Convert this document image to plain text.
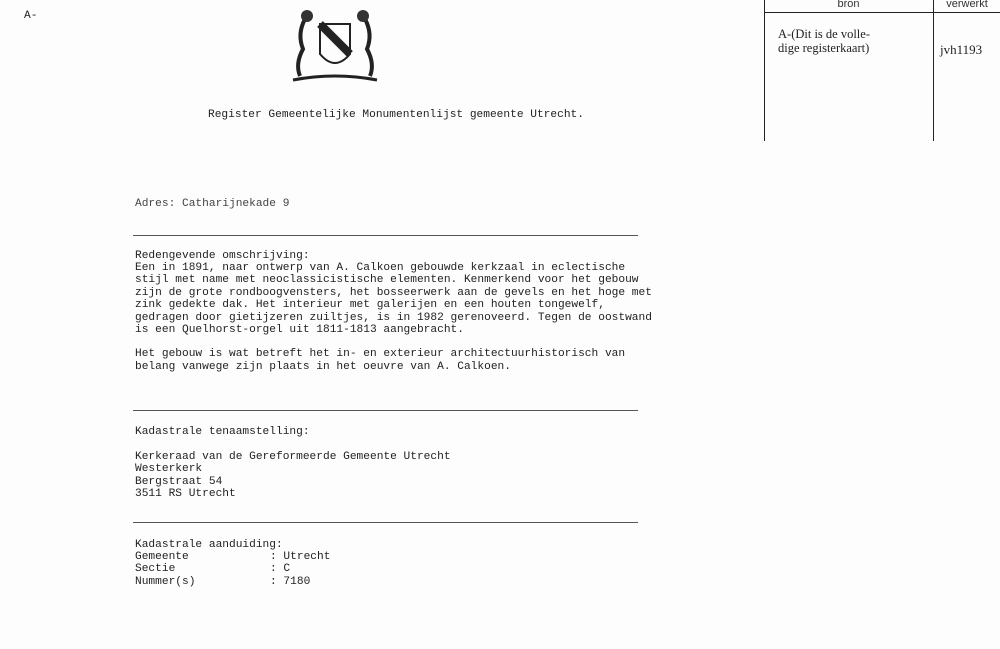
A-
Register Gemeentelijke Monumentenlijst gemeente Utrecht.
Adres: Catharijnekade 9
Redengevende omschrijving:
Een in 1891, naar ontwerp van A. Calkoen gebouwde kerkzaal in eclectische
stijl met name met neoclassicistische elementen. Kenmerkend voor het gebouw
zijn de grote rondboogvensters, het bosseerwerk aan de gevels en het hoge met
zink gedekte dak. Het interieur met galerijen en een houten tongewelf,
gedragen door gietijzeren zuiltjes, is in 1982 gerenoveerd. Tegen de oostwand
is een Quelhorst-orgel uit 1811-1813 aangebracht.
Het gebouw is wat betreft het in- en exterieur architectuurhistorisch van
belang vanwege zijn plaats in het oeuvre van A. Calkoen.
Kadastrale tenaamstelling:
Kerkeraad van de Gereformeerde Gemeente Utrecht
Westerkerk
Bergstraat 54
3511 RS Utrecht
Kadastrale aanduiding:
Gemeente	: Utrecht
Sectie	: C
Nummer(s)	: 7180
bron	verwerkt
A-(Dit is de volle-
dige registerkaart)	jvh1193
